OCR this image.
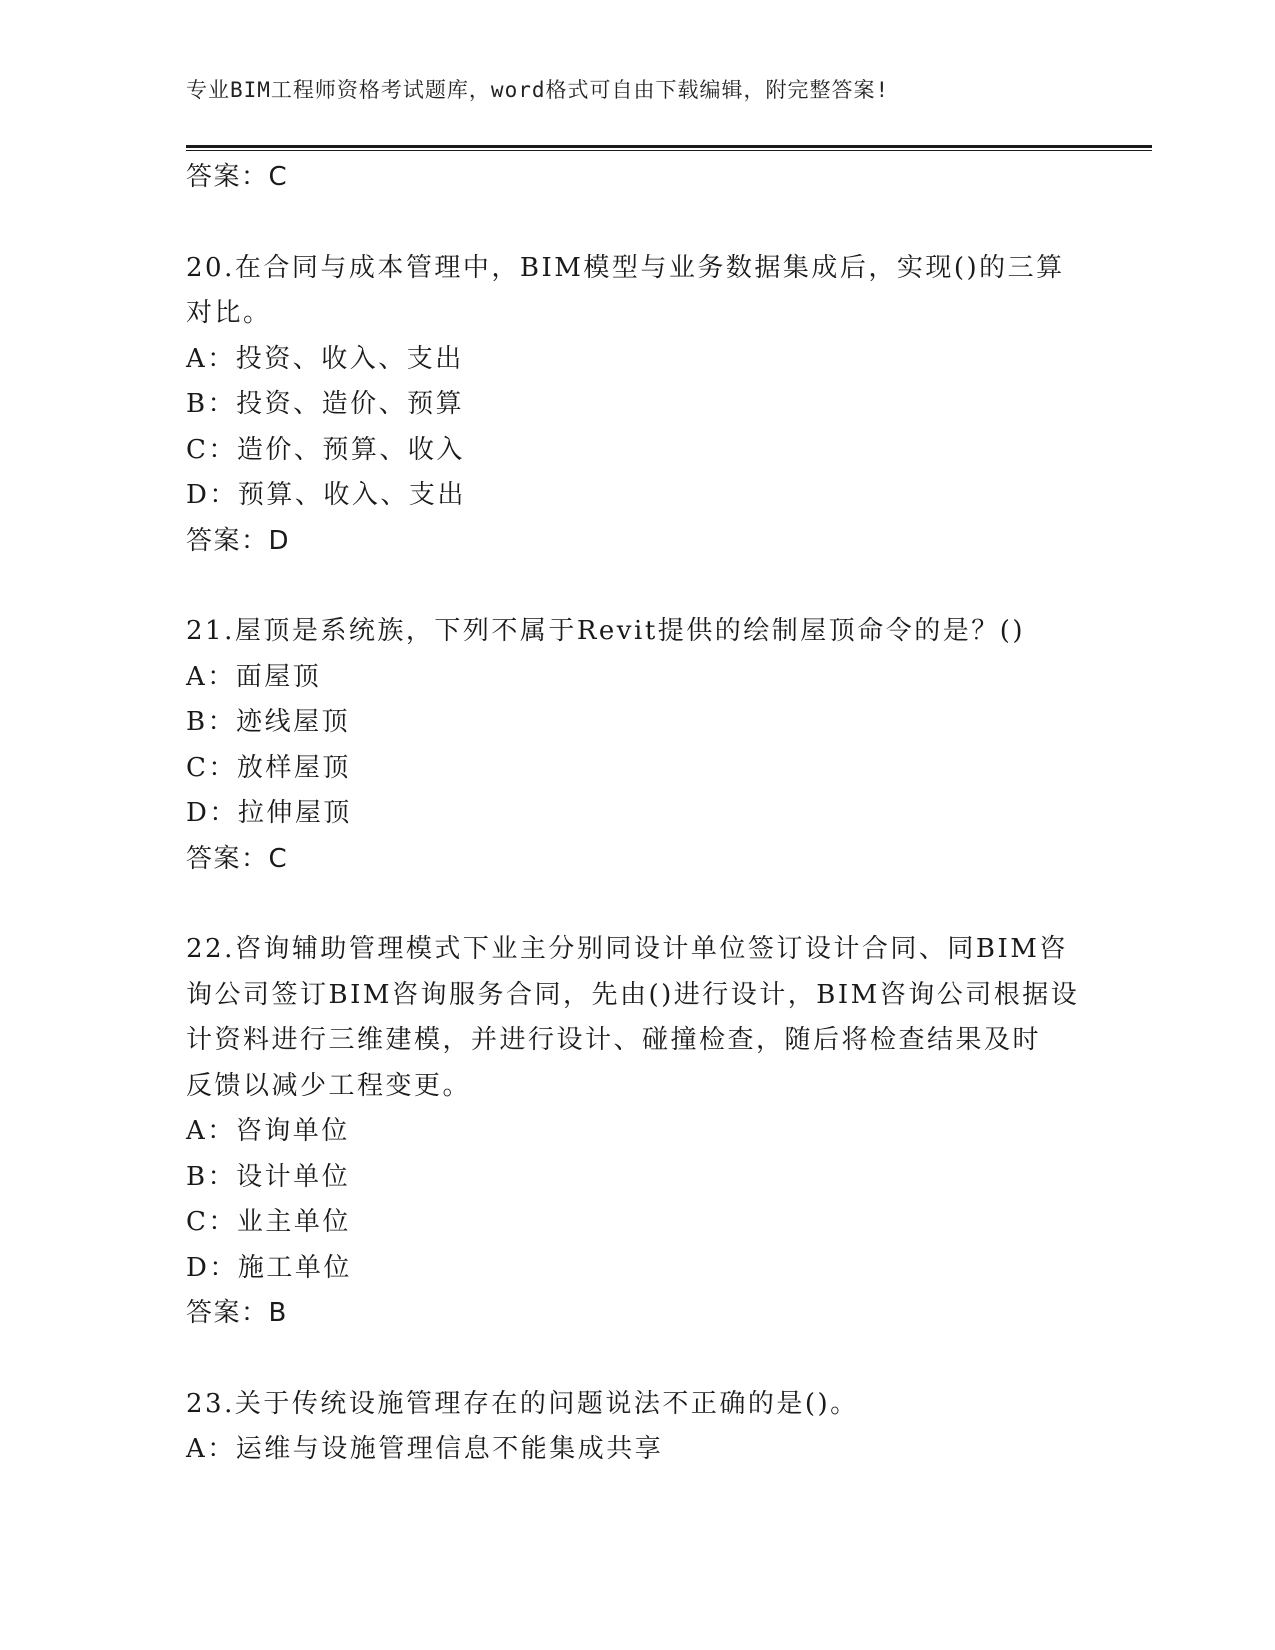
专业BIM工程师资格考试题库，word格式可自由下载编辑，附完整答案!

答案：C

20.在合同与成本管理中，BIM模型与业务数据集成后，实现()的三算

对比。

A：投资、收入、支出

B：投资、造价、预算

C：造价、预算、收入

D：预算、收入、支出

答案：D

21.屋顶是系统族，下列不属于Revit提供的绘制屋顶命令的是？()

A：面屋顶

B：迹线屋顶

C：放样屋顶

D：拉伸屋顶

答案：C

22.咨询辅助管理模式下业主分别同设计单位签订设计合同、同BIM咨

询公司签订BIM咨询服务合同，先由()进行设计，BIM咨询公司根据设

计资料进行三维建模，并进行设计、碰撞检查，随后将检查结果及时

反馈以减少工程变更。

A：咨询单位

B：设计单位

C：业主单位

D：施工单位

答案：B

23.关于传统设施管理存在的问题说法不正确的是()。

A：运维与设施管理信息不能集成共享
